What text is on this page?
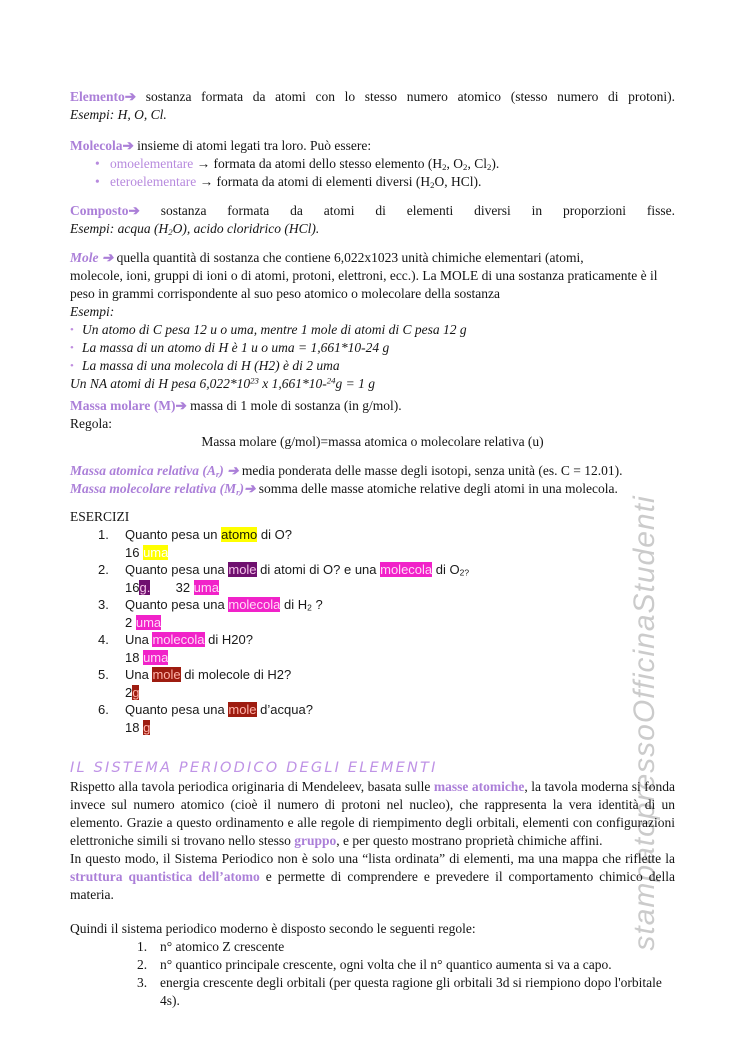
stampatopressoOfficinaStudenti
Elemento➔ sostanza formata da atomi con lo stesso numero atomico (stesso numero di protoni).
Esempi: H, O, Cl.
Molecola➔ insieme di atomi legati tra loro. Può essere:
• omoelementare → formata da atomi dello stesso elemento ($H_2$, $O_2$, $Cl_2$).
• eteroelementare → formata da atomi di elementi diversi ($H_2O$, HCl).
Composto➔ sostanza formata da atomi di elementi diversi in proporzioni fisse.
Esempi: acqua $(H_2O)$, acido cloridrico (HCl).
Mole ➔ quella quantità di sostanza che contiene 6,022x1023 unità chimiche elementari (atomi,
molecole, ioni, gruppi di ioni o di atomi, protoni, elettroni, ecc.). La MOLE di una sostanza praticamente è il peso in grammi corrispondente al suo peso atomico o molecolare della sostanza
Esempi:
• Un atomo di C pesa 12 u o uma, mentre 1 mole di atomi di C pesa 12 g
• La massa di un atomo di H è 1 u o uma = 1,661*10-24 g
• La massa di una molecola di H (H2) è di 2 uma
Un NA atomi di H pesa $6,022*10^{23}$ x 1,661*10-$^{24}$g = 1 g
Massa molare (M)➔ massa di 1 mole di sostanza (in g/mol).
Regola:
Massa molare (g/mol)=massa atomica o molecolare relativa (u)
Massa atomica relativa $(A_r)$ ➔ media ponderata delle masse degli isotopi, senza unità (es. C = 12.01).
Massa molecolare relativa $(M_r)➔$ somma delle masse atomiche relative degli atomi in una molecola.
ESERCIZI
1. Quanto pesa un atomo di O?
16 uma
2. Quanto pesa una mole di atomi di O? e una molecola di $O_{2?}$
16g.       32 uma
3. Quanto pesa una molecola di $H_2$ ?
2 uma
4. Una molecola di H20?
18 uma
5. Una mole di molecole di H2?
2g
6. Quanto pesa una mole d’acqua?
18 g
IL SISTEMA PERIODICO DEGLI ELEMENTI
Rispetto alla tavola periodica originaria di Mendeleev, basata sulle masse atomiche, la tavola moderna si fonda invece sul numero atomico (cioè il numero di protoni nel nucleo), che rappresenta la vera identità di un elemento. Grazie a questo ordinamento e alle regole di riempimento degli orbitali, elementi con configurazioni elettroniche simili si trovano nello stesso gruppo, e per questo mostrano proprietà chimiche affini.
In questo modo, il Sistema Periodico non è solo una “lista ordinata” di elementi, ma una mappa che riflette la struttura quantistica dell’atomo e permette di comprendere e prevedere il comportamento chimico della materia.
Quindi il sistema periodico moderno è disposto secondo le seguenti regole:
1. n° atomico Z crescente
2. n° quantico principale crescente, ogni volta che il n° quantico aumenta si va a capo.
3. energia crescente degli orbitali (per questa ragione gli orbitali 3d si riempiono dopo l'orbitale 4s).
